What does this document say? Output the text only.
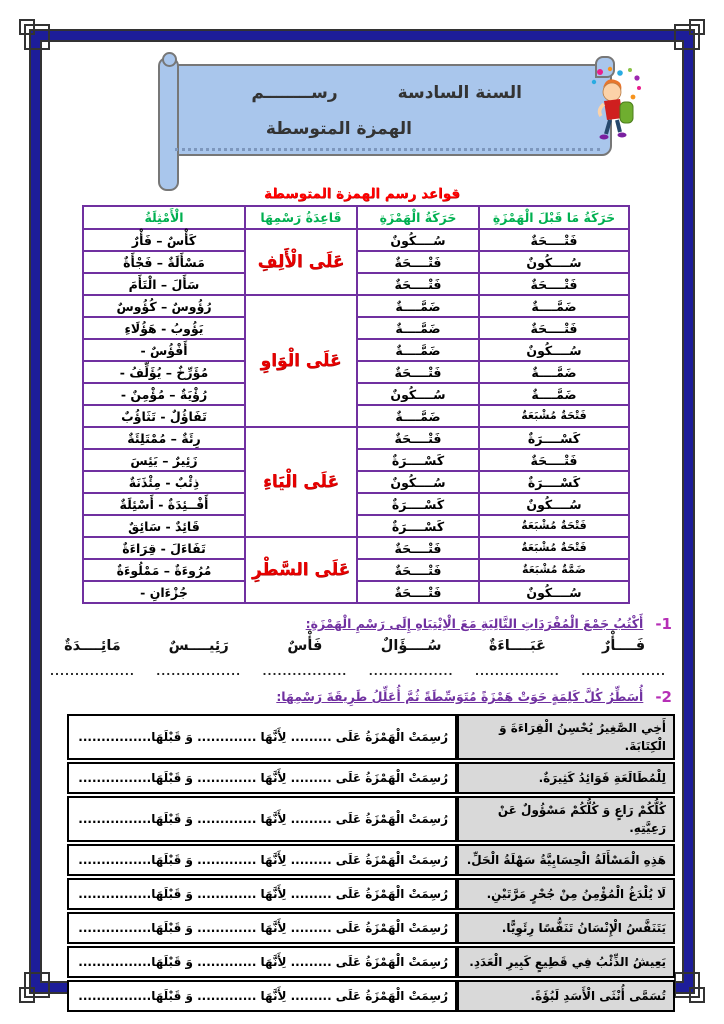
السنة السادسة
رســــــــم
الهمزة المتوسطة
قواعد رسم الهمزة المتوسطة
حَرَكَةُ مَا قَبْلَ الْهَمْزَةِ	حَرَكَةُ الْهَمْزَةِ	قَاعِدَةُ رَسْمِهَا	الْأَمْثِلَةُ
فَتْــــحَةٌ	سُــــكُونٌ	عَلَى الْأَلِفِ	كَأْسٌ – فَأْرٌ
سُــــكُونٌ	فَتْــــحَةٌ		مَسْأَلَةٌ – فَجْأَةٌ
فَتْــــحَةٌ	فَتْــــحَةٌ		سَأَلَ – الْتَأَمَ
ضَمَّــــةٌ	ضَمَّــــةٌ	عَلَى الْوَاوِ	رُؤُوسٌ – كُؤُوسٌ
فَتْــــحَةٌ	ضَمَّــــةٌ		يَؤُوبُ - هَؤُلَاءِ
سُــــكُونٌ	ضَمَّــــةٌ		أَفْؤُسٌ -
ضَمَّــــةٌ	فَتْــــحَةٌ		مُؤَرِّخٌ – يُؤَلِّفُ -
ضَمَّــــةٌ	سُــــكُونٌ		رُؤْيَةٌ – مُؤْمِنٌ -
فَتْحَةٌ مُشْبَعَةٌ	ضَمَّــــةٌ		تَفَاؤُلٌ - تَثَاؤُبٌ
كَسْــــرَةٌ	فَتْــــحَةٌ	عَلَى الْيَاءِ	رِئَةٌ – مُمْتَلِئَةٌ
فَتْــــحَةٌ	كَسْــــرَةٌ		زَئِيرٌ – يَئِسَ
كَسْــــرَةٌ	سُــــكُونٌ		ذِئْبٌ - مِئْذَنَةٌ
سُــــكُونٌ	كَسْــــرَةٌ		أَفْــئِدَةٌ - أَسْئِلَةٌ
فَتْحَةٌ مُشْبَعَةٌ	كَسْــــرَةٌ		قَائِدٌ - سَائِقٌ
فَتْحَةٌ مُشْبَعَةٌ	فَتْــــحَةٌ	عَلَى السَّطْرِ	تَفَاءَلَ - قِرَاءَةٌ
ضَمَّةٌ مُشْبَعَةٌ	فَتْــــحَةٌ		مُرُوءَةٌ – مَمْلُوءَةٌ
سُــــكُونٌ	فَتْــــحَةٌ		جُزْءَانِ -
-1
أَكْتُبُ جَمْعَ الْمُفْرَدَاتِ التَّالِيَةِ مَعَ الْاِنْتِبَاهِ إِلَى رَسْمِ الْهَمْزَةِ:
فَــــأْرٌ
.................
عَبَــــاءَةٌ
.................
سُــــؤَالٌ
.................
فَأْسٌ
.................
رَئِيــــسٌ
.................
مَائِــــدَةٌ
.................
-2
أُسَطِّرُ كُلَّ كَلِمَةٍ حَوَتْ هَمْزَةً مُتَوَسِّطَةً ثُمَّ أُعَلِّلُ طَرِيقَةَ رَسْمِهَا:
أَخِي الصَّغِيرُ يُحْسِنُ الْقِرَاءَةَ وَ الْكِتَابَةَ.	رُسِمَتْ الْهَمْزَةُ عَلَى ......... لِأَنَّهَا ............. وَ قَبْلَهَا................
لِلْمُطَالَعَةِ فَوَائِدُ كَثِيرَةٌ.	رُسِمَتْ الْهَمْزَةُ عَلَى ......... لِأَنَّهَا ............. وَ قَبْلَهَا................
كُلُّكُمْ رَاعٍ وَ كُلُّكُمْ مَسْؤُولٌ عَنْ رَعِيَّتِهِ.	رُسِمَتْ الْهَمْزَةُ عَلَى ......... لِأَنَّهَا ............. وَ قَبْلَهَا................
هَذِهِ الْمَسْأَلَةُ الْحِسَابِيَّةُ سَهْلَةُ الْحَلِّ.	رُسِمَتْ الْهَمْزَةُ عَلَى ......... لِأَنَّهَا ............. وَ قَبْلَهَا................
لَا يُلْدَغُ الْمُؤْمِنُ مِنْ جُحْرٍ مَرَّتَيْنِ.	رُسِمَتْ الْهَمْزَةُ عَلَى ......... لِأَنَّهَا ............. وَ قَبْلَهَا................
يَتَنَفَّسُ الْإِنْسَانُ تَنَفُّسًا رِئَوِيًّا.	رُسِمَتْ الْهَمْزَةُ عَلَى ......... لِأَنَّهَا ............. وَ قَبْلَهَا................
يَعِيشُ الذِّئْبُ فِي قَطِيعٍ كَبِيرِ الْعَدَدِ.	رُسِمَتْ الْهَمْزَةُ عَلَى ......... لِأَنَّهَا ............. وَ قَبْلَهَا................
تُسَمَّى أُنْثَى الْأَسَدِ لَبُؤَةً.	رُسِمَتْ الْهَمْزَةُ عَلَى ......... لِأَنَّهَا ............. وَ قَبْلَهَا................
